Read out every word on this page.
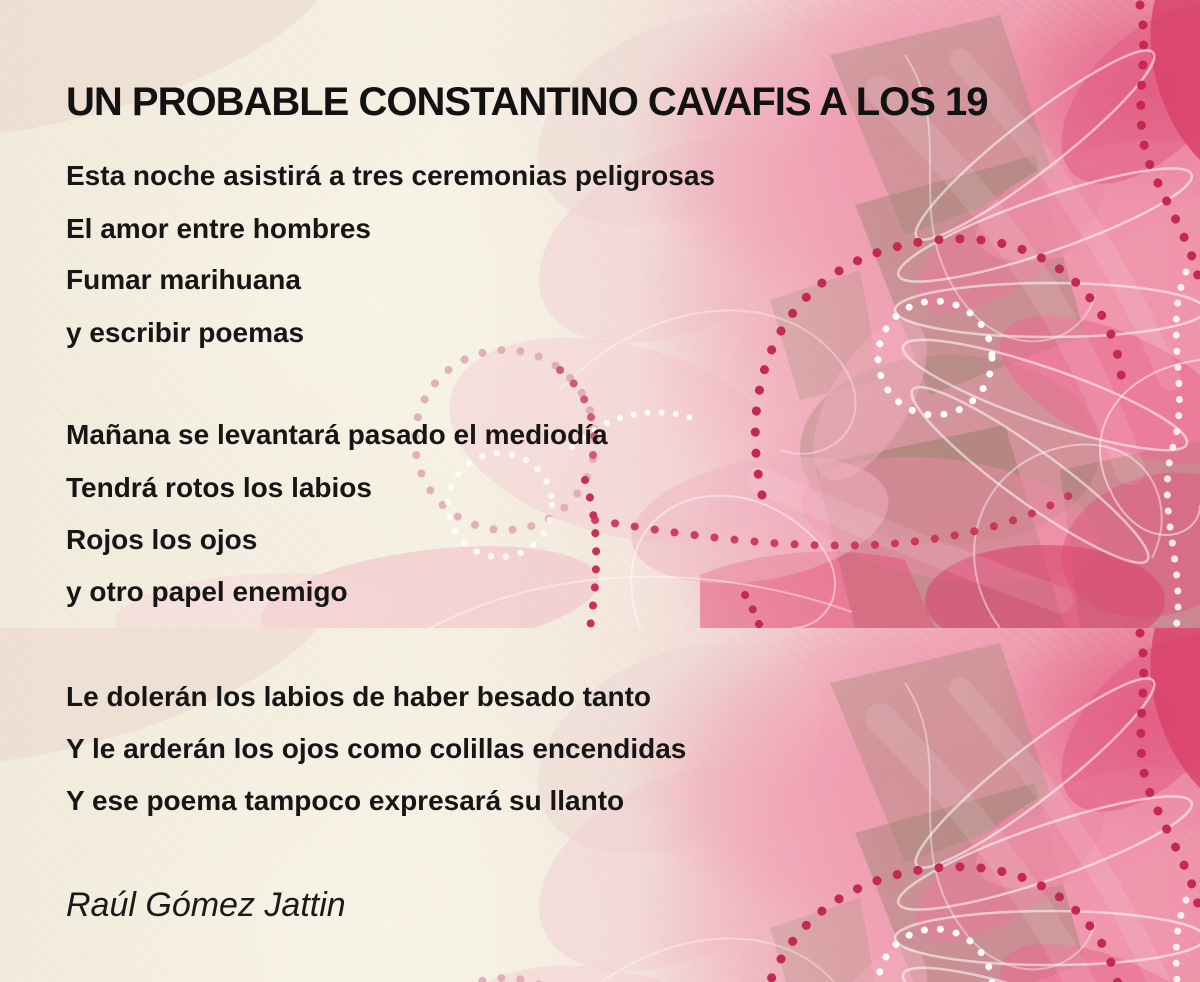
UN PROBABLE CONSTANTINO CAVAFIS A LOS 19
Esta noche asistirá a tres ceremonias peligrosas
El amor entre hombres
Fumar marihuana
y escribir poemas
Mañana se levantará pasado el mediodía
Tendrá rotos los labios
Rojos los ojos
y otro papel enemigo
Le dolerán los labios de haber besado tanto
Y le arderán los ojos como colillas encendidas
Y ese poema tampoco expresará su llanto
Raúl Gómez Jattin
